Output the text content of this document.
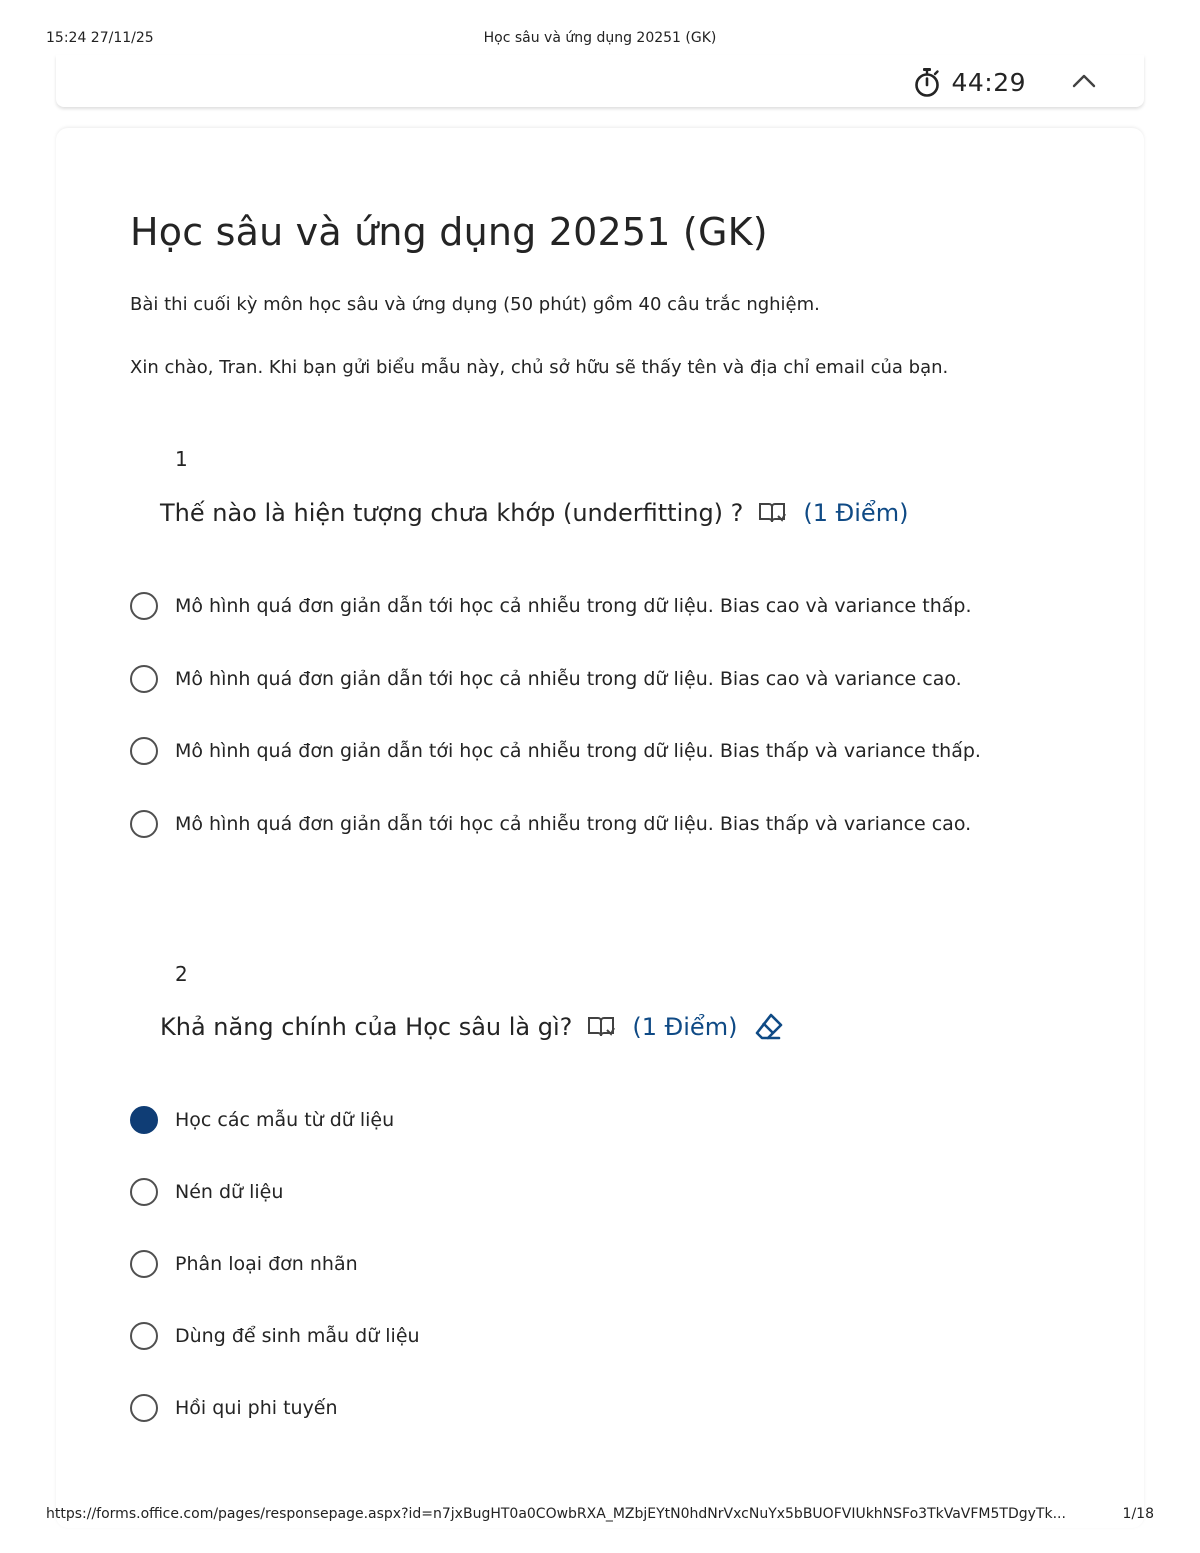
15:24 27/11/25	Học sâu và ứng dụng 20251 (GK)
44:29
Học sâu và ứng dụng 20251 (GK)

Bài thi cuối kỳ môn học sâu và ứng dụng (50 phút) gồm 40 câu trắc nghiệm.

Xin chào, Tran. Khi bạn gửi biểu mẫu này, chủ sở hữu sẽ thấy tên và địa chỉ email của bạn.

1
Thế nào là hiện tượng chưa khớp (underfitting) ?	(1 Điểm)
Mô hình quá đơn giản dẫn tới học cả nhiễu trong dữ liệu. Bias cao và variance thấp.
Mô hình quá đơn giản dẫn tới học cả nhiễu trong dữ liệu. Bias cao và variance cao.
Mô hình quá đơn giản dẫn tới học cả nhiễu trong dữ liệu. Bias thấp và variance thấp.
Mô hình quá đơn giản dẫn tới học cả nhiễu trong dữ liệu. Bias thấp và variance cao.
2
Khả năng chính của Học sâu là gì?	(1 Điểm)
Học các mẫu từ dữ liệu
Nén dữ liệu
Phân loại đơn nhãn
Dùng để sinh mẫu dữ liệu
Hồi qui phi tuyến
https://forms.office.com/pages/responsepage.aspx?id=n7jxBugHT0a0COwbRXA_MZbjEYtN0hdNrVxcNuYx5bBUOFVIUkhNSFo3TkVaVFM5TDgyTk...	1/18
